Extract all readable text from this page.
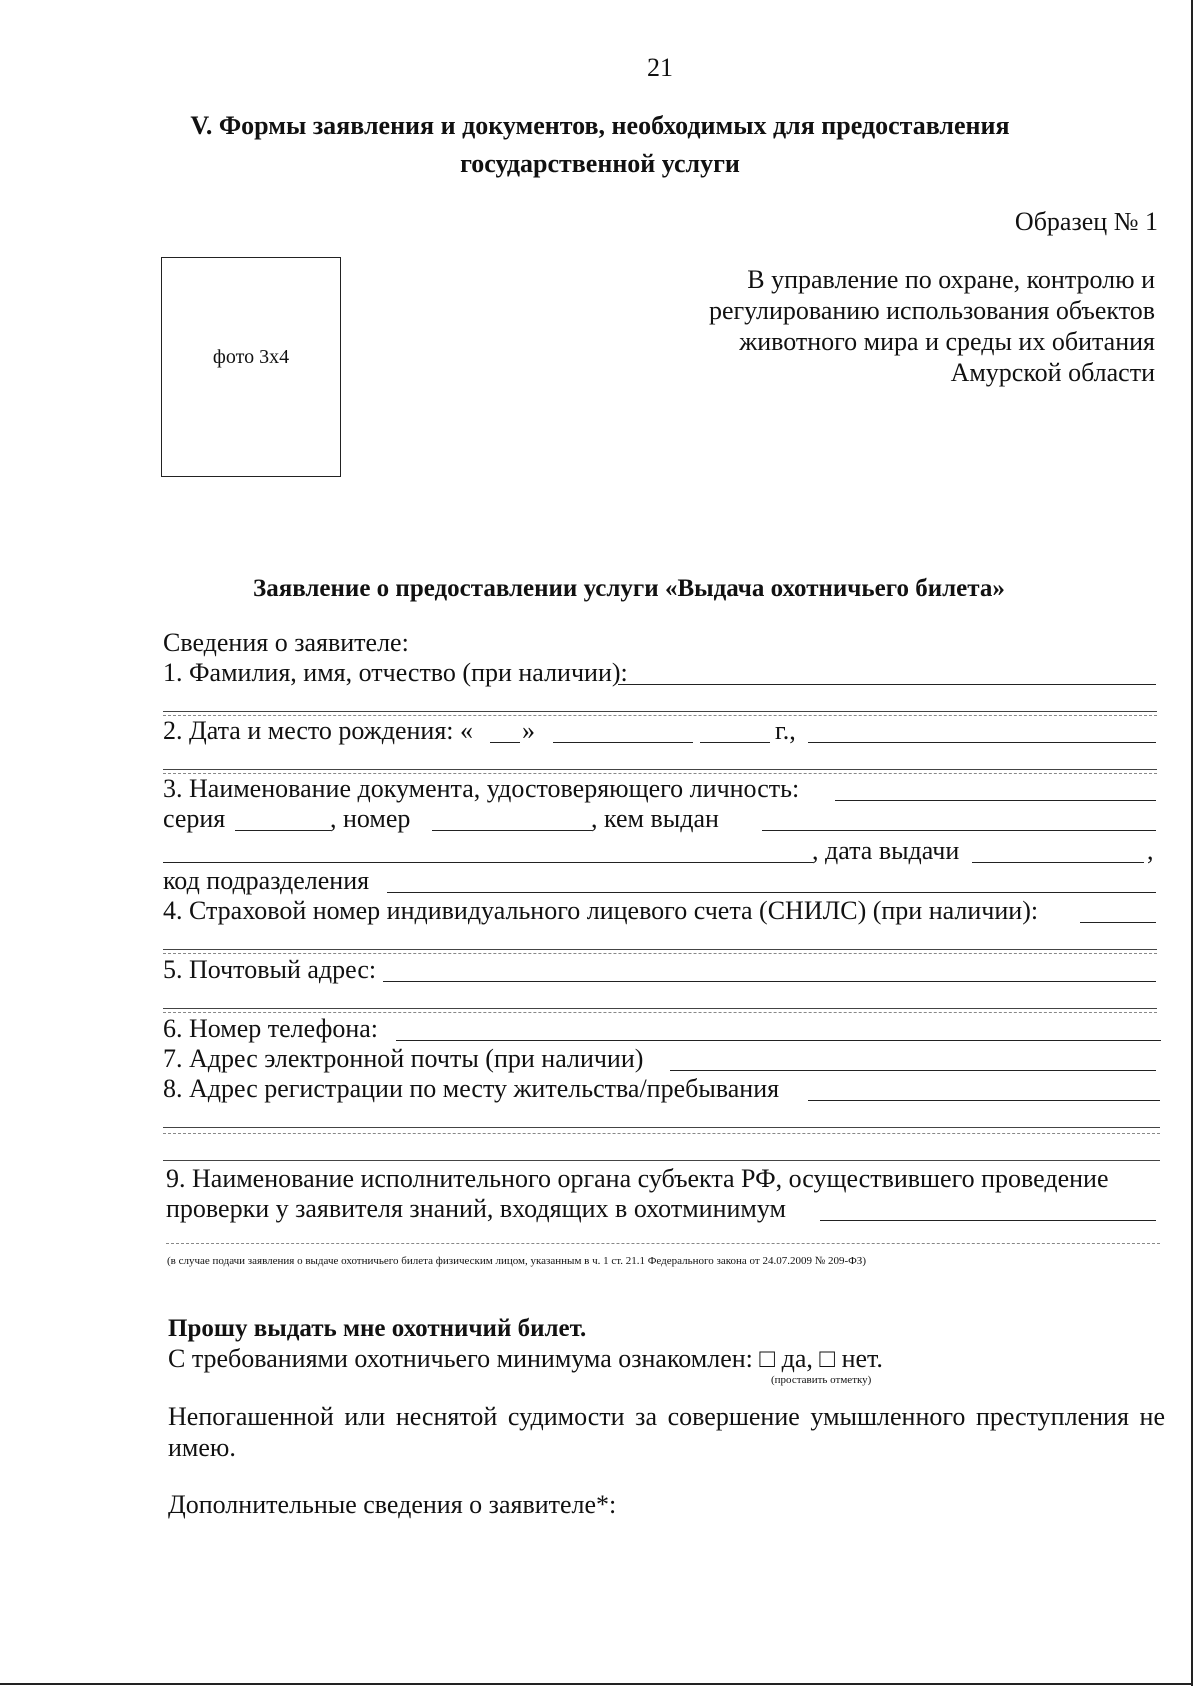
21
V. Формы заявления и документов, необходимых для предоставления
государственной услуги
Образец № 1
фото 3х4
В управление по охране, контролю и регулированию использования объектов животного мира и среды их обитания Амурской области
Заявление о предоставлении услуги «Выдача охотничьего билета»
Сведения о заявителе:
1. Фамилия, имя, отчество (при наличии):
2. Дата и место рождения: « »	г.,
3. Наименование документа, удостоверяющего личность:
серия	, номер	, кем выдан
, дата выдачи	,
код подразделения
4. Страховой номер индивидуального лицевого счета (СНИЛС) (при наличии):
5. Почтовый адрес:
6. Номер телефона:
7. Адрес электронной почты (при наличии)
8. Адрес регистрации по месту жительства/пребывания
9. Наименование исполнительного органа субъекта РФ, осуществившего проведение
проверки у заявителя знаний, входящих в охотминимум
(в случае подачи заявления о выдаче охотничьего билета физическим лицом, указанным в ч. 1 ст. 21.1 Федерального закона от 24.07.2009 № 209-ФЗ)
Прошу выдать мне охотничий билет.
С требованиями охотничьего минимума ознакомлен: □ да, □ нет.
(проставить отметку)
Непогашенной или неснятой судимости за совершение умышленного преступления не имею.
Дополнительные сведения о заявителе*:
